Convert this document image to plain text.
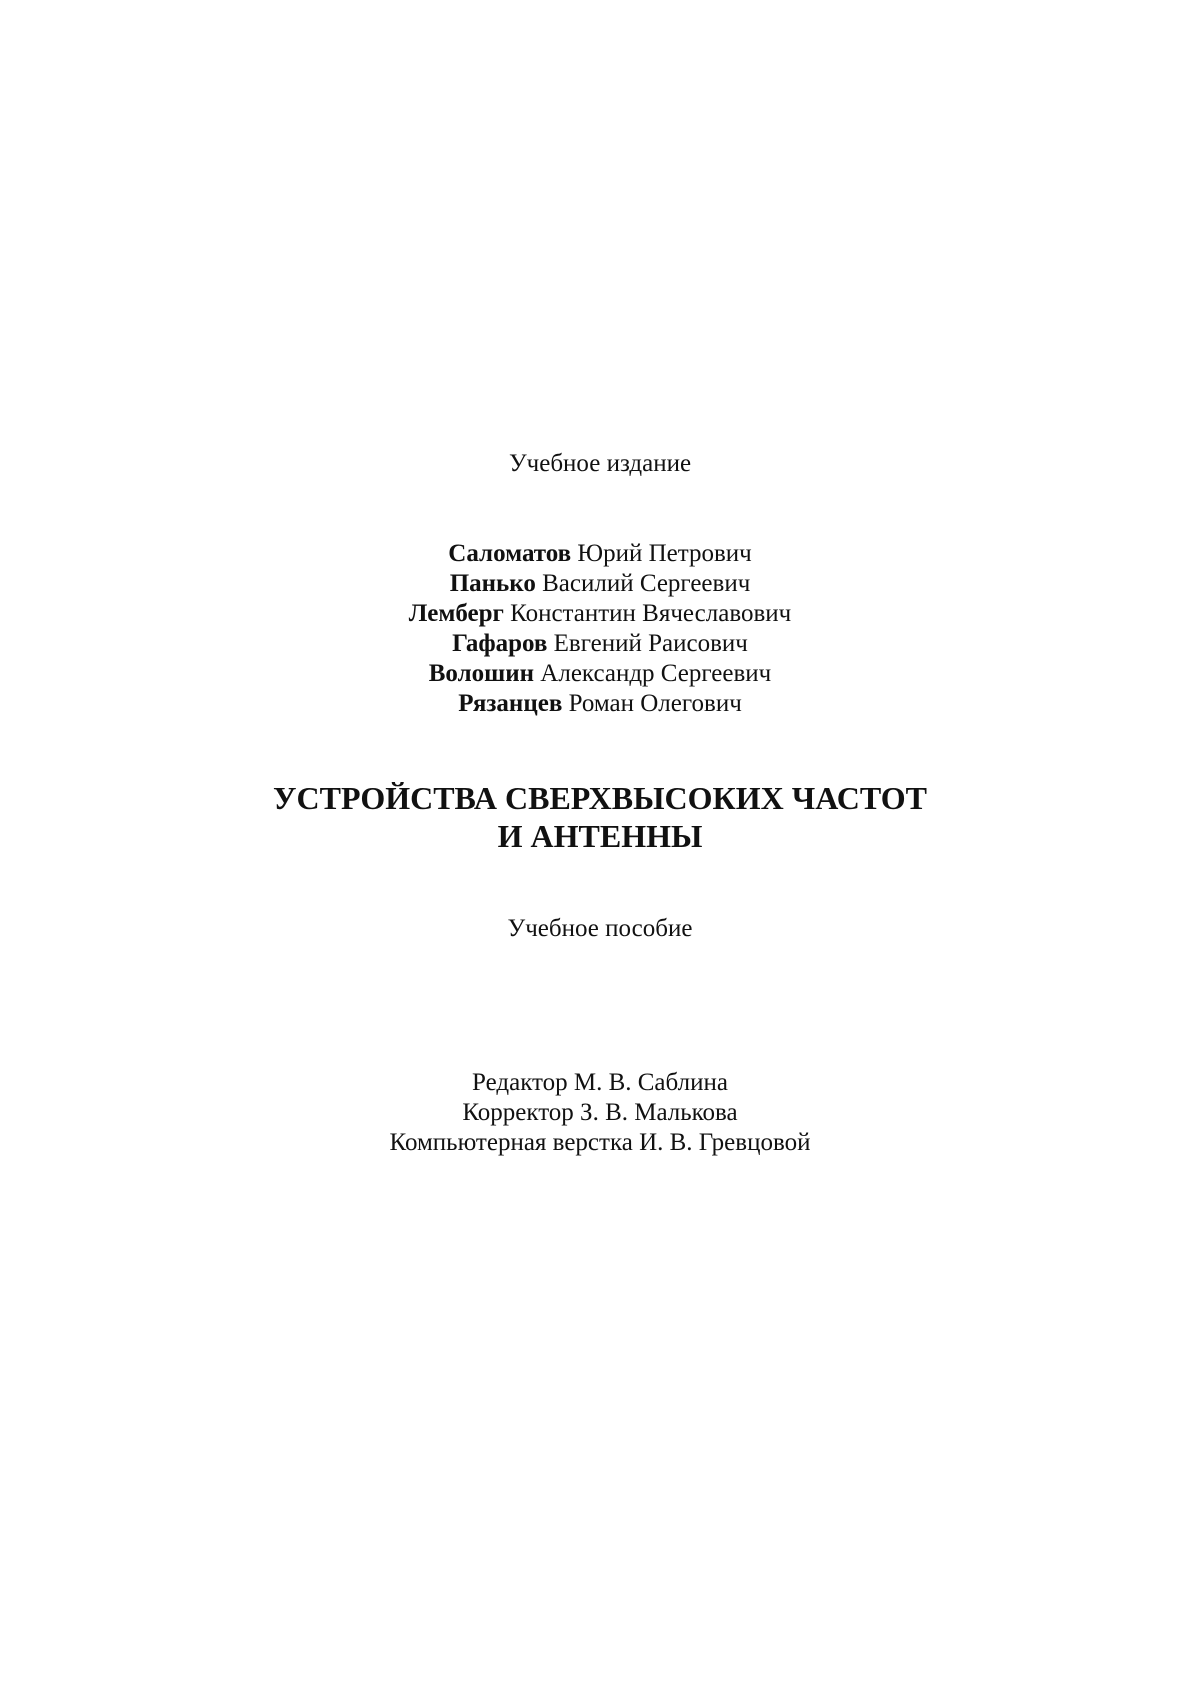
Учебное издание
Саломатов Юрий Петрович
Панько Василий Сергеевич
Лемберг Константин Вячеславович
Гафаров Евгений Раисович
Волошин Александр Сергеевич
Рязанцев Роман Олегович
УСТРОЙСТВА СВЕРХВЫСОКИХ ЧАСТОТ
И АНТЕННЫ
Учебное пособие
Редактор М. В. Саблина
Корректор З. В. Малькова
Компьютерная верстка И. В. Гревцовой
